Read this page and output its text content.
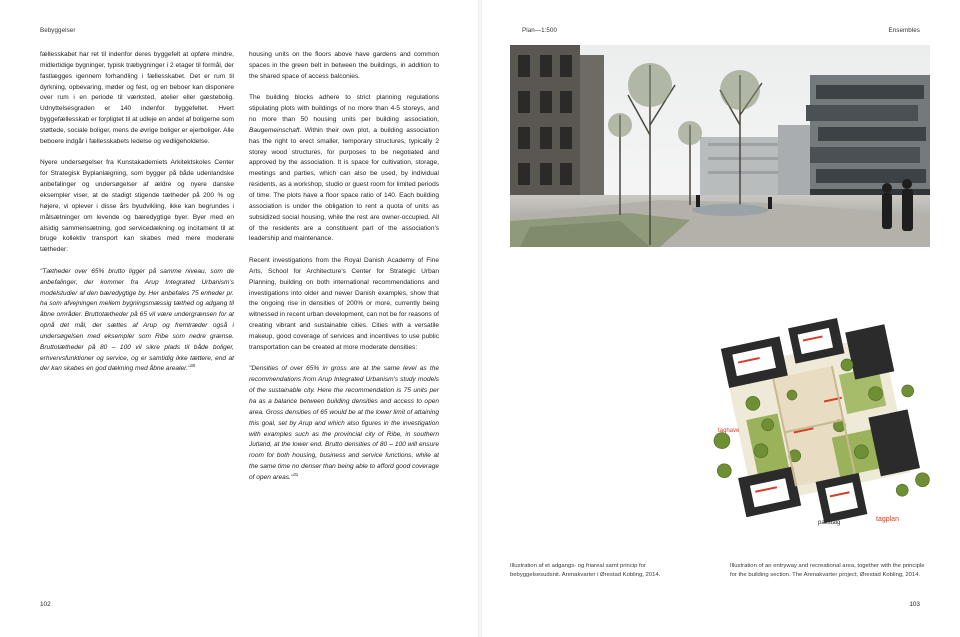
Bebyggelser

fællesskabet har ret til indenfor deres byggefelt at opføre mindre, midlertidige bygninger, typisk træbygninger i 2 etager til formål, der fastlægges igennem forhandling i fællesskabet. Det er rum til dyrkning, opbevaring, møder og fest, og en beboer kan disponere over rum i en periode til værksted, atelier eller gæstebolig. Udnyttelsesgraden er 140 indenfor byggefeltet. Hvert byggefællesskab er forpligtet til at udleje en andel af boligerne som støttede, sociale boliger, mens de øvrige boliger er ejerboliger. Alle beboere indgår i fællesskabets ledelse og vedligeholdelse.

Nyere undersøgelser fra Kunstakademiets Arkitektskoles Center for Strategisk Byplanlægning, som bygger på både udenlandske anbefalinger og undersøgelser af ældre og nyere danske eksempler viser, at de stadigt stigende tætheder på 200 % og højere, vi oplever i disse års byudvikling, ikke kan begrundes i målsætninger om levende og bæredygtige byer. Byer med en alsidig sammensætning, god servicedækning og incitament til at bruge kollektiv transport kan skabes med mere moderate tætheder:

"Tætheder over 65% brutto ligger på samme niveau, som de anbefalinger, der kommer fra Arup Integrated Urbanism's modelstudier af den bæredygtige by. Her anbefales 75 enheder pr. ha som afvejningen mellem bygningsmæssig tæthed og adgang til åbne områder. Bruttotætheder på 65 vil være undergrænsen for at opnå det mål, der sættes af Arup og fremtræder også i undersøgelsen med eksempler som Ribe som nedre grænse. Bruttotætheder på 80 – 100 vil sikre plads til både boliger, erhvervsfunktioner og service, og er samtidig ikke tættere, end at der kan skabes en god dækning med åbne arealer."$^{30}$

housing units on the floors above have gardens and common spaces in the green belt in between the buildings, in addition to the shared space of access balconies.

The building blocks adhere to strict planning regulations stipulating plots with buildings of no more than 4-5 storeys, and no more than 50 housing units per building association, Baugemeinschaft. Within their own plot, a building association has the right to erect smaller, temporary structures, typically 2 storey wood structures, for purposes to be negotiated and approved by the association. It is space for cultivation, storage, meetings and parties, which can also be used, by individual residents, as a workshop, studio or guest room for limited periods of time. The plots have a floor space ratio of 140. Each building association is under the obligation to rent a quota of units as subsidized social housing, while the rest are owner-occupied. All of the residents are a constituent part of the association's leadership and maintenance.

Recent investigations from the Royal Danish Academy of Fine Arts, School for Architecture's Center for Strategic Urban Planning, building on both international recommendations and investigations into older and newer Danish examples, show that the ongoing rise in densities of 200% or more, currently being witnessed in recent urban development, can not be for reasons of creating vibrant and sustainable cities. Cities with a versatile makeup, good coverage of services and incentives to use public transportation can be created at more moderate densities:

"Densities of over 65% in gross are at the same level as the recommendations from Arup Integrated Urbanism's study models of the sustainable city. Here the recommendation is 75 units per ha as a balance between building densities and access to open area. Gross densities of 65 would be at the lower limit of attaining this goal, set by Arup and which also figures in the investigation with examples such as the provincial city of Ribe, in southern Jutland, at the lower end. Brutto densities of 80 – 100 will ensure room for both housing, business and service functions, while at the same time no denser than being able to afford good coverage of open areas."$^{31}$

102
Plan—1:500	Ensembles
taghave
pakstalg	tagplan
Illustration af et adgangs- og friareal samt princip for bebyggelsesudsnit. Arenakvarter i Ørestad Kobling, 2014.
Illustration of an entryway and recreational area, together with the principle for the building section. The Arenakvarter project, Ørestad Kobling, 2014.
103
